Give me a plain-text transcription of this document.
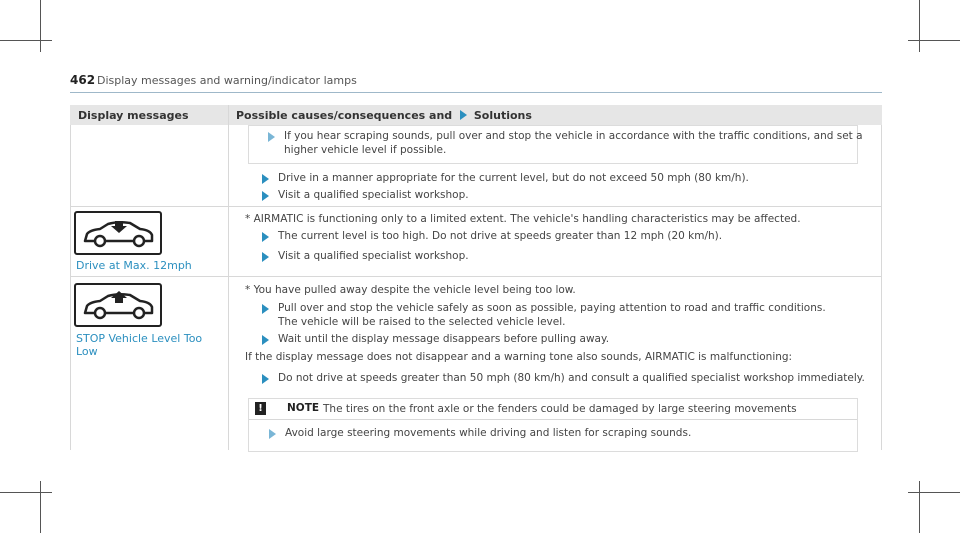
462 Display messages and warning/indicator lamps
Display messages	Possible causes/consequences and Solutions
If you hear scraping sounds, pull over and stop the vehicle in accordance with the traffic conditions, and set a
higher vehicle level if possible.
Drive in a manner appropriate for the current level, but do not exceed 50 mph (80 km/h).
Visit a qualified specialist workshop.
Drive at Max. 12mph
* AIRMATIC is functioning only to a limited extent. The vehicle's handling characteristics may be affected.
The current level is too high. Do not drive at speeds greater than 12 mph (20 km/h).
Visit a qualified specialist workshop.
STOP Vehicle Level Too
Low
* You have pulled away despite the vehicle level being too low.
Pull over and stop the vehicle safely as soon as possible, paying attention to road and traffic conditions.
The vehicle will be raised to the selected vehicle level.
Wait until the display message disappears before pulling away.
If the display message does not disappear and a warning tone also sounds, AIRMATIC is malfunctioning:
Do not drive at speeds greater than 50 mph (80 km/h) and consult a qualified specialist workshop immediately.
!	NOTE The tires on the front axle or the fenders could be damaged by large steering movements
Avoid large steering movements while driving and listen for scraping sounds.
